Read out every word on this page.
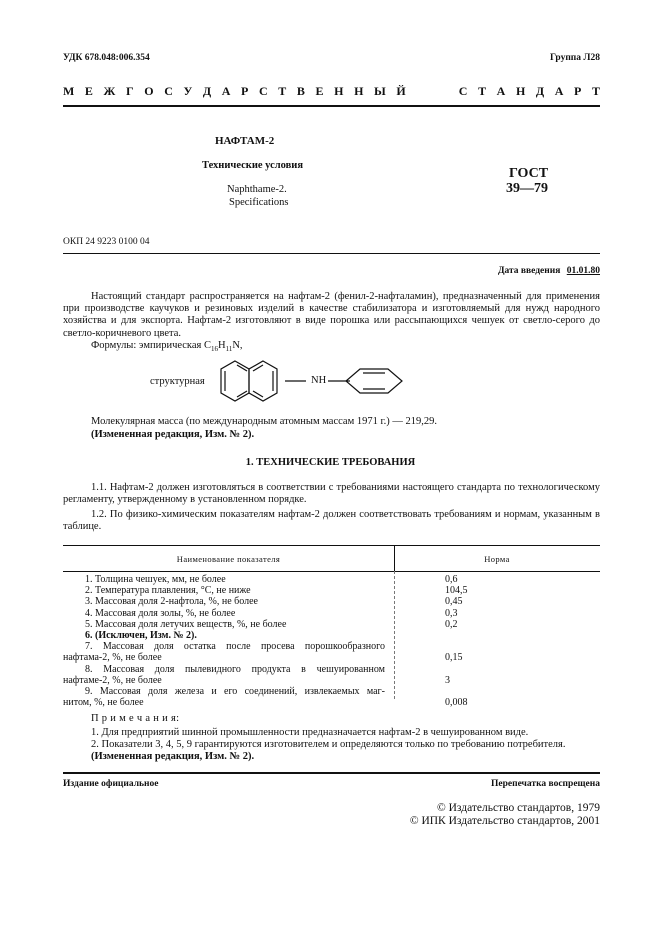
УДК 678.048:006.354	Группа Л28
М Е Ж Г О С У Д А Р С Т В Е Н Н Ы Й     С Т А Н Д А Р Т
НАФТАМ-2
Технические условия
Naphthame-2.
Specifications
ГОСТ
39—79
ОКП 24 9223 0100 04
Дата введения 01.01.80
Настоящий стандарт распространяется на нафтам-2 (фенил-2-нафталамин), предназначенный для применения при производстве каучуков и резиновых изделий в качестве стабилизатора и изготовляемый для нужд народного хозяйства и для экспорта. Нафтам-2 изготовляют в виде порошка или рассыпающихся чешуек от светло-серого до светло-коричневого цвета.
Формулы: эмпирическая $C_{16}H_{11}N$,
структурная	NH
Молекулярная масса (по международным атомным массам 1971 г.) — 219,29.
(Измененная редакция, Изм. № 2).
1. ТЕХНИЧЕСКИЕ ТРЕБОВАНИЯ
1.1. Нафтам-2 должен изготовляться в соответствии с требованиями настоящего стандарта по технологическому регламенту, утвержденному в установленном порядке.
1.2. По физико-химическим показателям нафтам-2 должен соответствовать требованиям и нормам, указанным в таблице.
Наименование показателя	Норма
1. Толщина чешуек, мм, не более	0,6
2. Температура плавления, °С, не ниже	104,5
3. Массовая доля 2-нафтола, %, не более	0,45
4. Массовая доля золы, %, не более	0,3
5. Массовая доля летучих веществ, %, не более	0,2
6. (Исключен, Изм. № 2).
7. Массовая доля остатка после просева порошкообразного
нафтама-2, %, не более	0,15
8. Массовая доля пылевидного продукта в чешуированном
нафтаме-2, %, не более	3
9. Массовая доля железа и его соединений, извлекаемых маг-
нитом, %, не более	0,008
П р и м е ч а н и я:
1. Для предприятий шинной промышленности предназначается нафтам-2 в чешуированном виде.
2. Показатели 3, 4, 5, 9 гарантируются изготовителем и определяются только по требованию потребителя.
(Измененная редакция, Изм. № 2).
Издание официальное	Перепечатка воспрещена
© Издательство стандартов, 1979
© ИПК Издательство стандартов, 2001
